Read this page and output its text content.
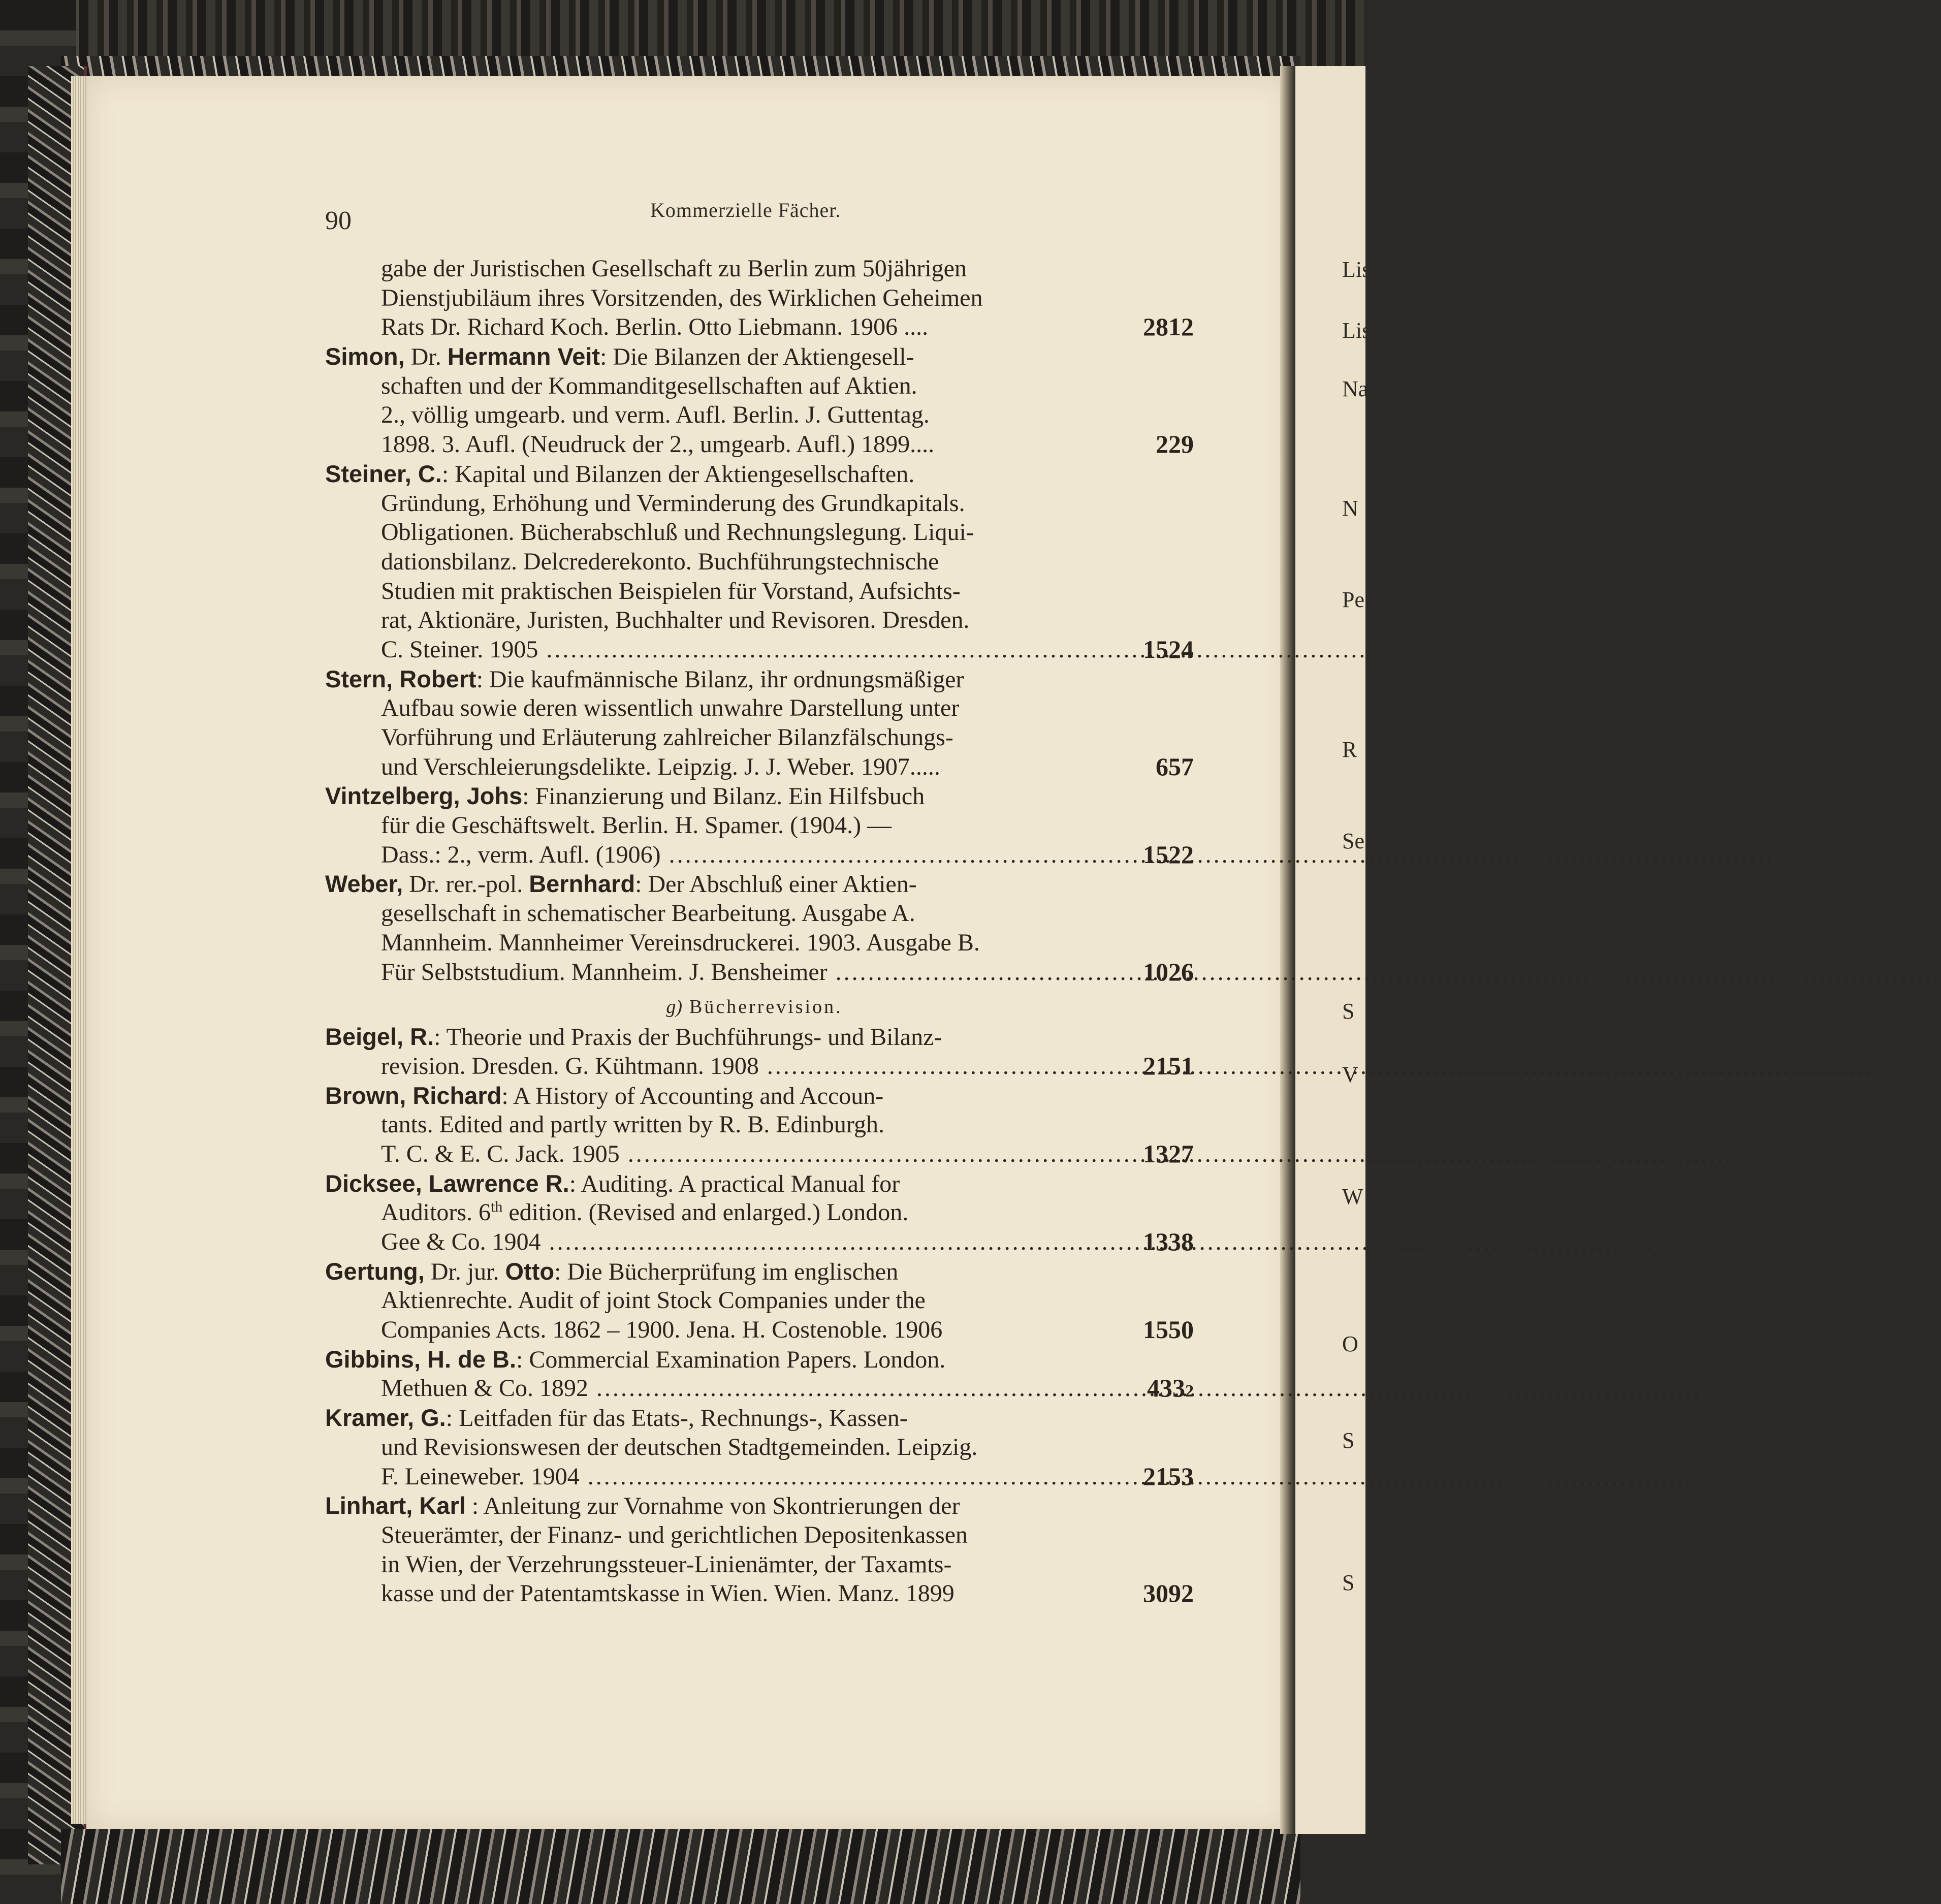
Lis
Lis
Na
N
Pe
R
Se
S
V
W
O
S
S
90	Kommerzielle Fächer.
gabe der Juristischen Gesellschaft zu Berlin zum 50jährigen
Dienstjubiläum ihres Vorsitzenden, des Wirklichen Geheimen
Rats Dr. Richard Koch. Berlin. Otto Liebmann. 1906 ....	2812
Simon, Dr. Hermann Veit: Die Bilanzen der Aktiengesell-
schaften und der Kommanditgesellschaften auf Aktien.
2., völlig umgearb. und verm. Aufl. Berlin. J. Guttentag.
1898. 3. Aufl. (Neudruck der 2., umgearb. Aufl.) 1899....	229
Steiner, C.: Kapital und Bilanzen der Aktiengesellschaften.
Gründung, Erhöhung und Verminderung des Grundkapitals.
Obligationen. Bücherabschluß und Rechnungslegung. Liqui-
dationsbilanz. Delcrederekonto. Buchführungstechnische
Studien mit praktischen Beispielen für Vorstand, Aufsichts-
rat, Aktionäre, Juristen, Buchhalter und Revisoren. Dresden.
C. Steiner. 1905 .....	1524
Stern, Robert: Die kaufmännische Bilanz, ihr ordnungsmäßiger
Aufbau sowie deren wissentlich unwahre Darstellung unter
Vorführung und Erläuterung zahlreicher Bilanzfälschungs-
und Verschleierungsdelikte. Leipzig. J. J. Weber. 1907.....	657
Vintzelberg, Johs: Finanzierung und Bilanz. Ein Hilfsbuch
für die Geschäftswelt. Berlin. H. Spamer. (1904.) —
Dass.: 2., verm. Aufl. (1906) .....	1522
Weber, Dr. rer.-pol. Bernhard: Der Abschluß einer Aktien-
gesellschaft in schematischer Bearbeitung. Ausgabe A.
Mannheim. Mannheimer Vereinsdruckerei. 1903. Ausgabe B.
Für Selbststudium. Mannheim. J. Bensheimer .....	1026
g) Bücherrevision.
Beigel, R.: Theorie und Praxis der Buchführungs- und Bilanz-
revision. Dresden. G. Kühtmann. 1908 .....	2151
Brown, Richard: A History of Accounting and Accoun-
tants. Edited and partly written by R. B. Edinburgh.
T. C. & E. C. Jack. 1905 .....	1327
Dicksee, Lawrence R.: Auditing. A practical Manual for
Auditors. 6th edition. (Revised and enlarged.) London.
Gee & Co. 1904 .....	1338
Gertung, Dr. jur. Otto: Die Bücherprüfung im englischen
Aktienrechte. Audit of joint Stock Companies under the
Companies Acts. 1862 – 1900. Jena. H. Costenoble. 1906	1550
Gibbins, H. de B.: Commercial Examination Papers. London.
Methuen & Co. 1892 .....	4332
Kramer, G.: Leitfaden für das Etats-, Rechnungs-, Kassen-
und Revisionswesen der deutschen Stadtgemeinden. Leipzig.
F. Leineweber. 1904 .....	2153
Linhart, Karl : Anleitung zur Vornahme von Skontrierungen der
Steuerämter, der Finanz- und gerichtlichen Depositenkassen
in Wien, der Verzehrungssteuer-Linienämter, der Taxamts-
kasse und der Patentamtskasse in Wien. Wien. Manz. 1899	3092
